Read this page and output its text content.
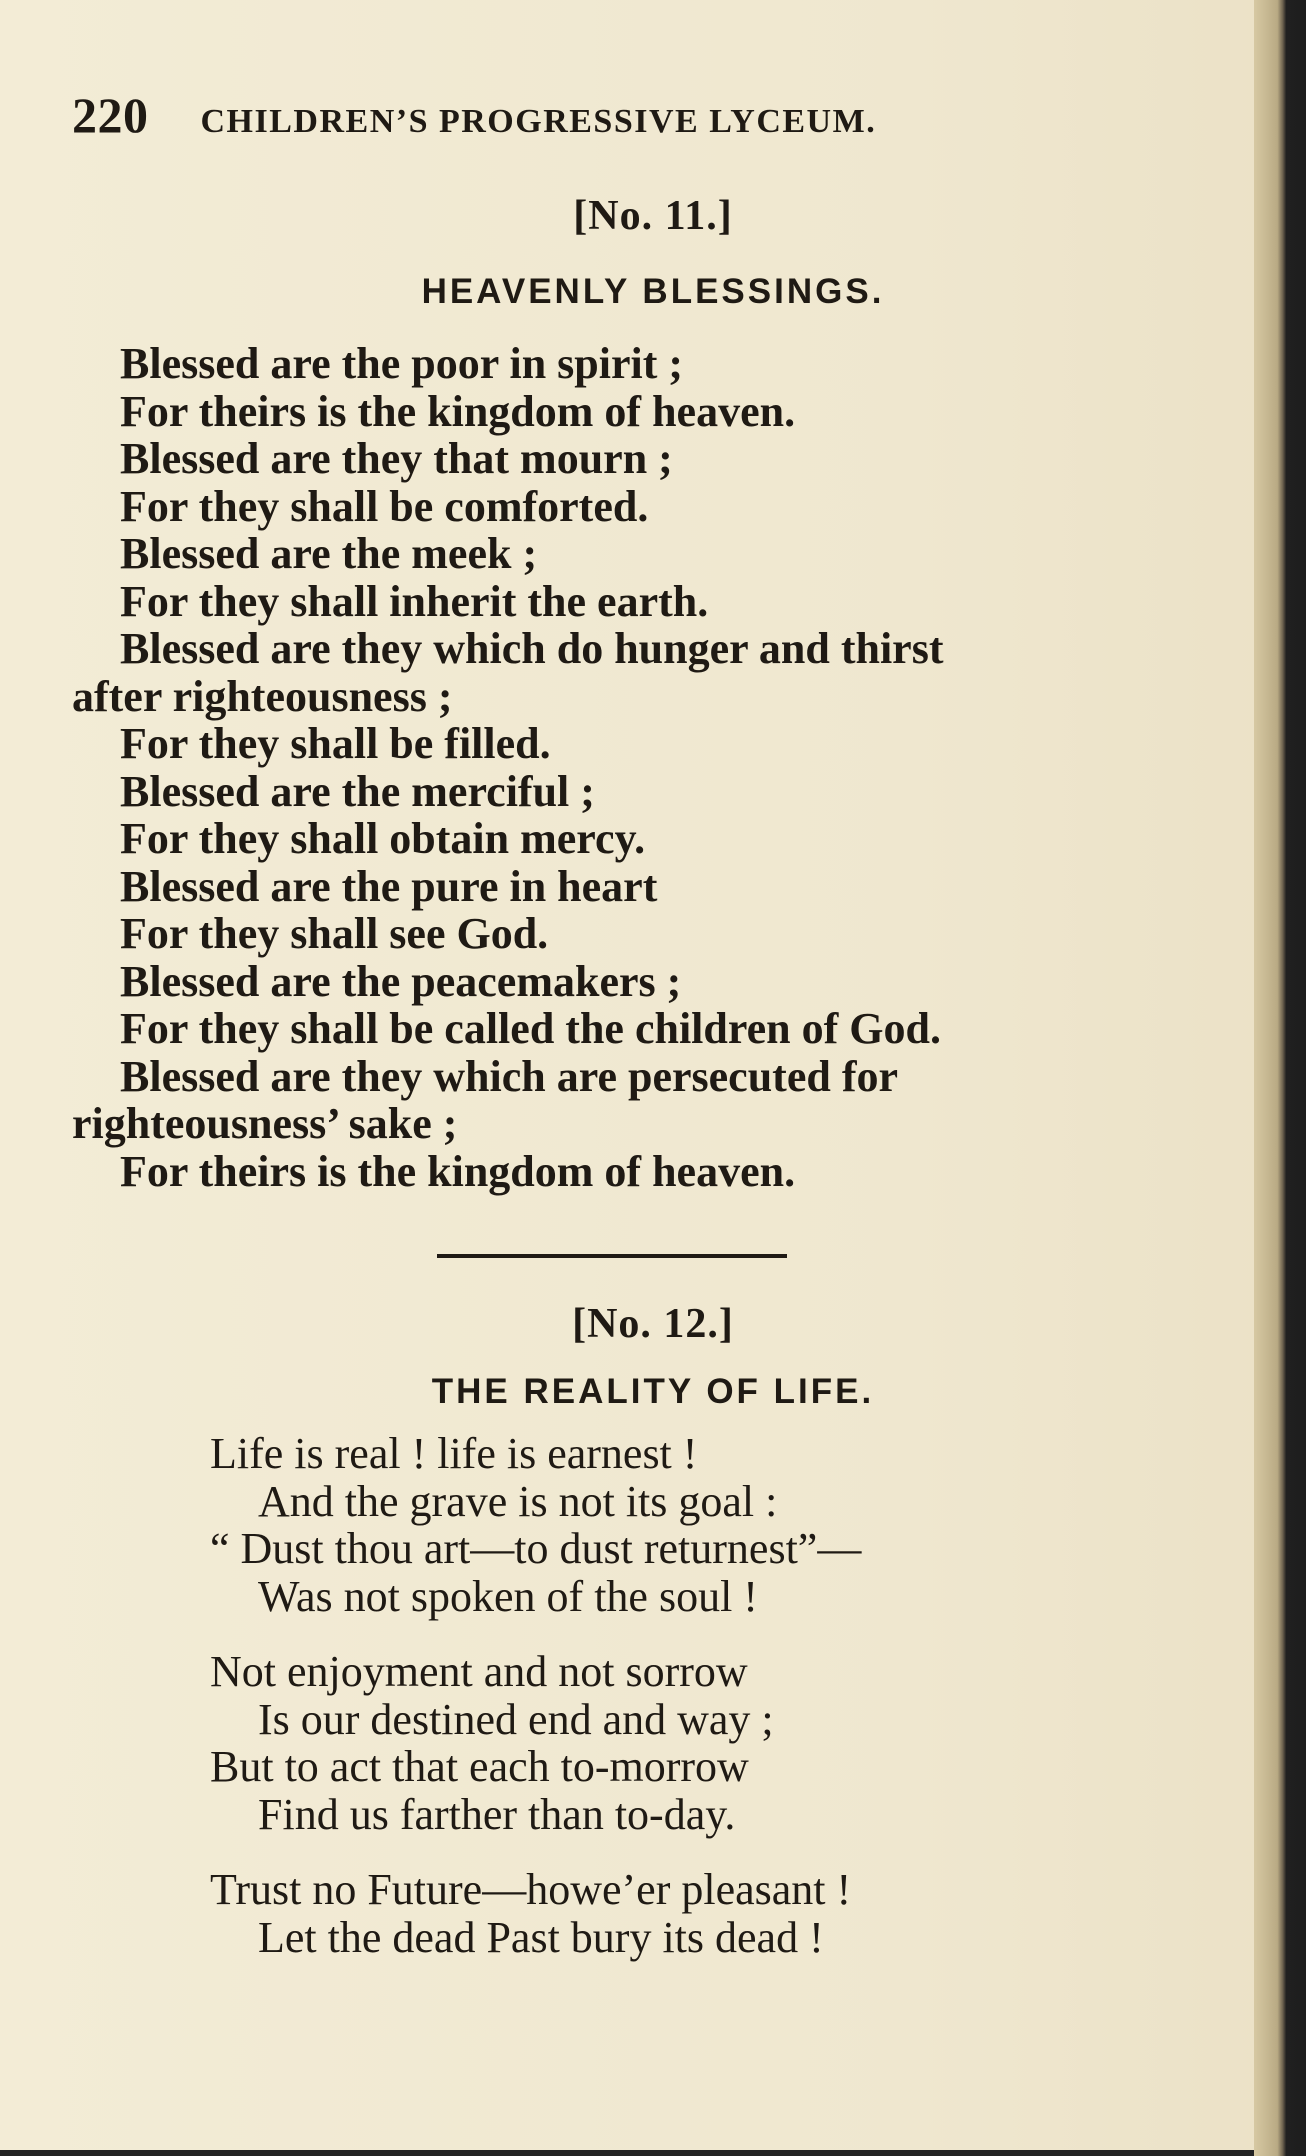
220 CHILDREN’S PROGRESSIVE LYCEUM.
[No. 11.]
HEAVENLY BLESSINGS.
Blessed are the poor in spirit ;
For theirs is the kingdom of heaven.
Blessed are they that mourn ;
For they shall be comforted.
Blessed are the meek ;
For they shall inherit the earth.
Blessed are they which do hunger and thirst
after righteousness ;
For they shall be filled.
Blessed are the merciful ;
For they shall obtain mercy.
Blessed are the pure in heart
For they shall see God.
Blessed are the peacemakers ;
For they shall be called the children of God.
Blessed are they which are persecuted for
righteousness’ sake ;
For theirs is the kingdom of heaven.
[No. 12.]
THE REALITY OF LIFE.
Life is real ! life is earnest !
And the grave is not its goal :
“ Dust thou art—to dust returnest”—
Was not spoken of the soul !
Not enjoyment and not sorrow
Is our destined end and way ;
But to act that each to-morrow
Find us farther than to-day.
Trust no Future—howe’er pleasant !
Let the dead Past bury its dead !
